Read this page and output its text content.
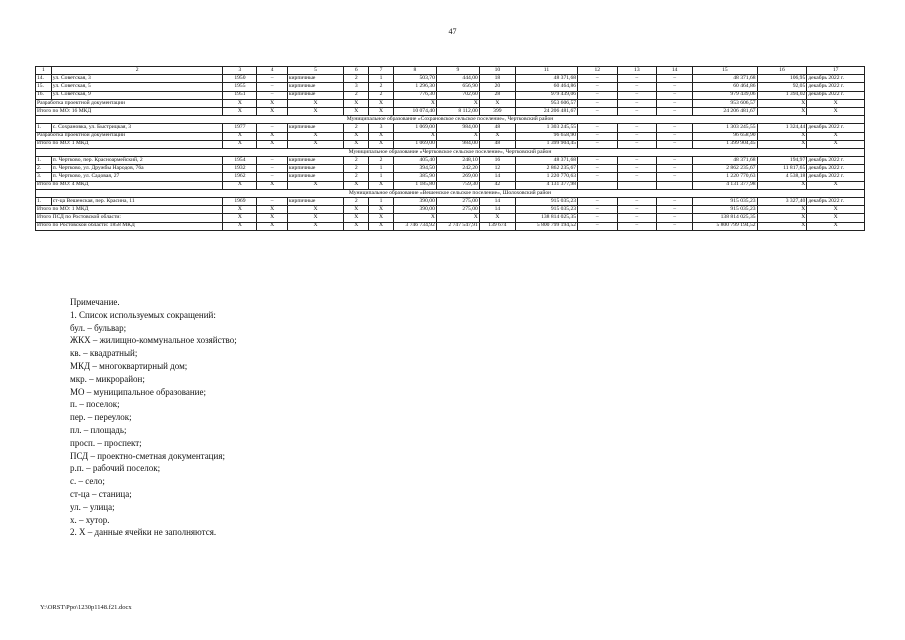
47
1	2	3	4	5	6	7	8	9	10	11	12	13	14	15	16	17
14.	ул. Советская, 3	1950	–	кирпичные	2	1	503,70	444,00	18	48 371,68	–	–	–	48 371,68	106,95	декабрь 2022 г.
15.	ул. Советская, 5	1955	–	кирпичные	3	2	1 296,30	656,90	20	60 464,86	–	–	–	60 464,86	92,05	декабрь 2022 г.
16.	ул. Советская, 9	1951	–	кирпичные	2	2	776,30	702,60	28	979 439,06	–	–	–	979 439,06	1 394,02	декабрь 2022 г.
Разработка проектной документации		X	X	X	X	X	X	X	X	953 606,57	–	–	–	953 606,57	X	X
Итого по МО: 16 МКД		X	X	X	X	X	10 074,40	8 112,00	399	24 206 481,67	–	–	–	24 206 481,67	X	X
Муниципальное образование «Сохрановское сельское поселение», Чертковский район																
1.	с. Сохрановка, ул. Быстрицкая, 3	1977	–	кирпичные	2	3	1 069,00	984,00	48	1 303 245,55	–	–	–	1 303 245,55	1 324,44	декабрь 2022 г.
Разработка проектной документации		X	X	X	X	X	X	X	X	96 658,90	–	–	–	96 658,90	X	X
Итого по МО: 1 МКД		X	X	X	X	X	1 069,00	984,00	48	1 399 904,45	–	–	–	1 399 904,45	X	X
Муниципальное образование «Чертковское сельское поселение», Чертковский район																
1.	п. Чертково, пер. Красноармейский, 2	1954	–	кирпичные	2	2	405,40	248,10	16	48 371,68	–	–	–	48 371,68	194,97	декабрь 2022 г.
2.	п. Чертково, ул. Дружбы Народов, 76а	1932	–	кирпичные	2	1	394,50	242,20	12	2 862 235,67	–	–	–	2 862 235,67	11 817,65	декабрь 2022 г.
3.	п. Чертково, ул. Садовая, 27	1962	–	кирпичные	2	1	385,90	269,00	14	1 220 770,63	–	–	–	1 220 770,63	4 538,18	декабрь 2022 г.
Итого по МО: 4 МКД		X	X	X	X	X	1 185,80	759,30	42	4 131 377,98				4 131 377,98	X	X
Муниципальное образование «Вешенское сельское поселение», Шолоховский район																
1.	ст-ца Вешенская, пер. Красина, 11	1969	–	кирпичные	2	1	390,00	275,00	14	915 035,23	–	–	–	915 035,23	3 327,40	декабрь 2022 г.
Итого по МО: 1 МКД		X	X	X	X	X	390,00	275,00	14	915 035,23	–	–	–	915 035,23	X	X
Итого ПСД по Ростовской области:		X	X	X	X	X	X	X	X	138 814 025,35	–	–	–	138 814 025,35	X	X
Итого по Ростовской области: 1858 МКД		X	X	X	X	X	3 746 734,92	2 747 547,91	139 674	5 800 799 194,52	–	–	–	5 800 799 194,52	X	X
Примечание.
1. Список используемых сокращений:
бул. – бульвар;
ЖКХ – жилищно-коммунальное хозяйство;
кв. – квадратный;
МКД – многоквартирный дом;
мкр. – микрорайон;
МО – муниципальное образование;
п. – поселок;
пер. – переулок;
пл. – площадь;
просп. – проспект;
ПСД – проектно-сметная документация;
р.п. – рабочий поселок;
с. – село;
ст-ца – станица;
ул. – улица;
х. – хутор.
2. X – данные ячейки не заполняются.
Y:\ORST\Ppo\1230p1148.f21.docx
